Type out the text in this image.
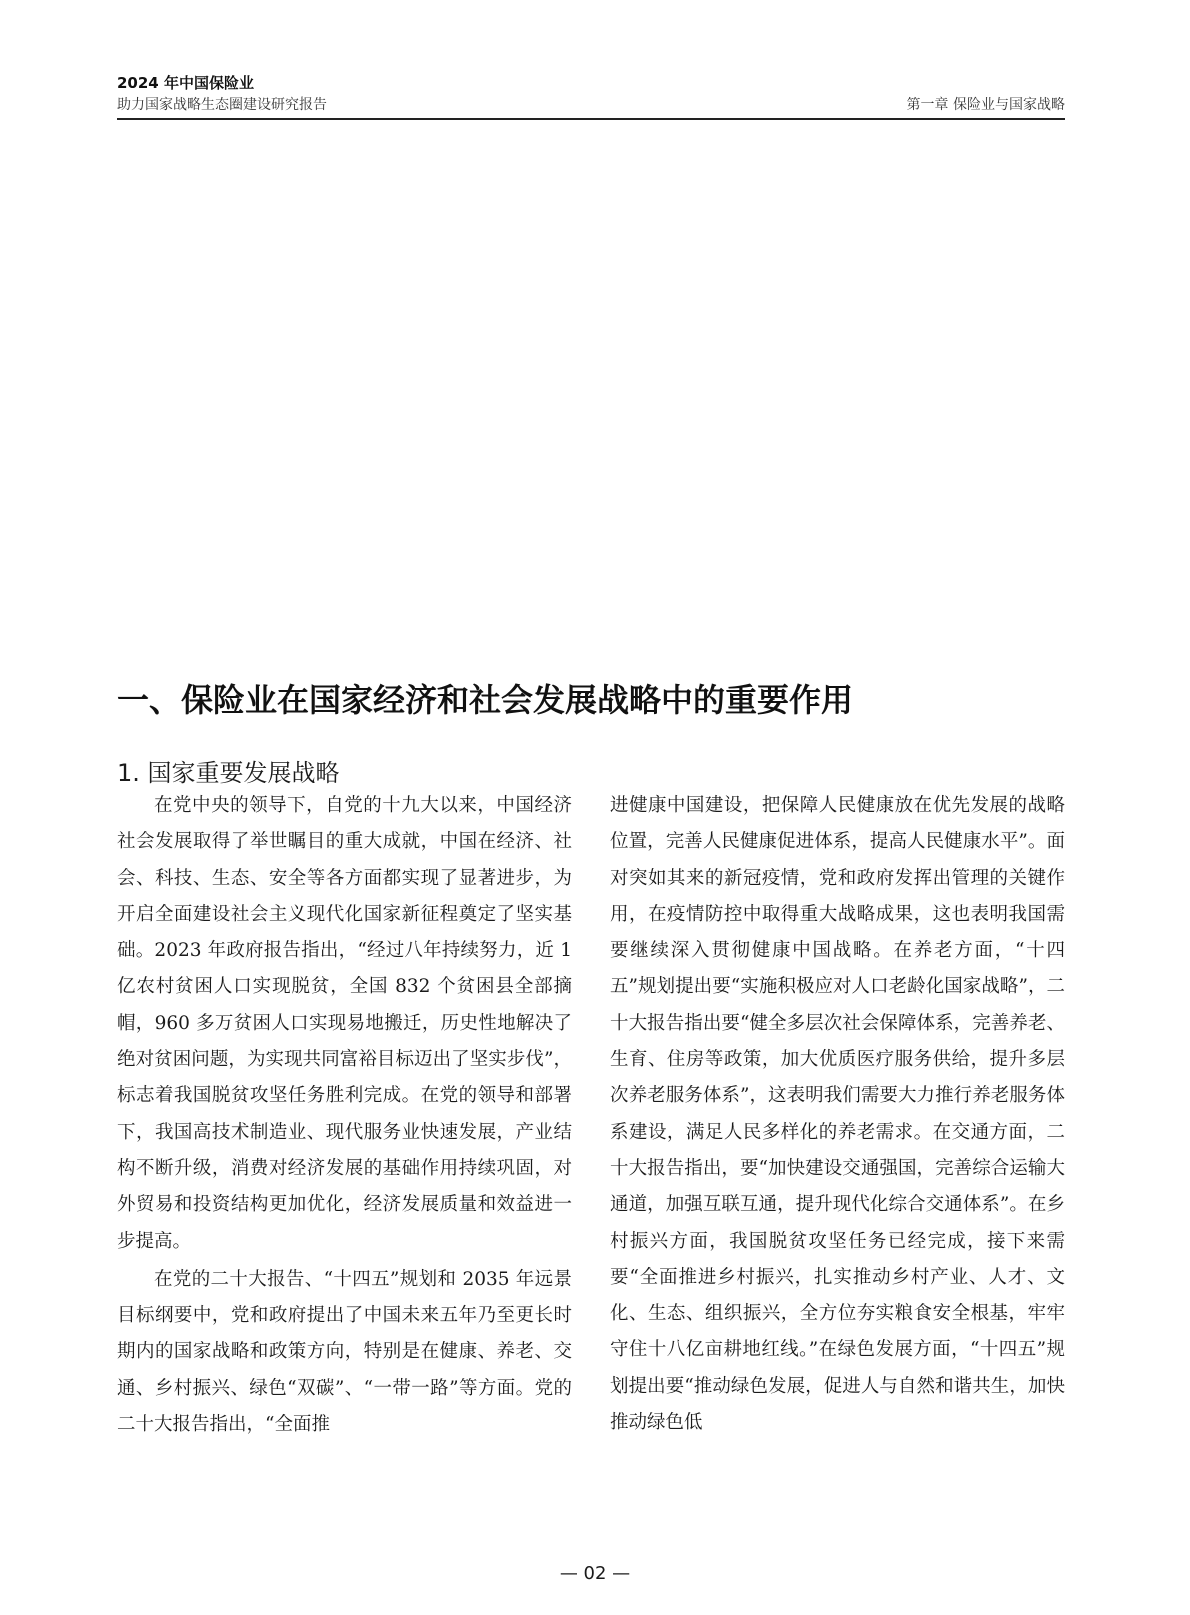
2024 年中国保险业
助力国家战略生态圈建设研究报告	第一章 保险业与国家战略
一、保险业在国家经济和社会发展战略中的重要作用
1. 国家重要发展战略

在党中央的领导下，自党的十九大以来，中国经济社会发展取得了举世瞩目的重大成就，中国在经济、社会、科技、生态、安全等各方面都实现了显著进步，为开启全面建设社会主义现代化国家新征程奠定了坚实基础。2023 年政府报告指出，“经过八年持续努力，近 1 亿农村贫困人口实现脱贫，全国 832 个贫困县全部摘帽，960 多万贫困人口实现易地搬迁，历史性地解决了绝对贫困问题，为实现共同富裕目标迈出了坚实步伐”，标志着我国脱贫攻坚任务胜利完成。在党的领导和部署下，我国高技术制造业、现代服务业快速发展，产业结构不断升级，消费对经济发展的基础作用持续巩固，对外贸易和投资结构更加优化，经济发展质量和效益进一步提高。

在党的二十大报告、“十四五”规划和 2035 年远景目标纲要中，党和政府提出了中国未来五年乃至更长时期内的国家战略和政策方向，特别是在健康、养老、交通、乡村振兴、绿色“双碳”、“一带一路”等方面。党的二十大报告指出，“全面推

进健康中国建设，把保障人民健康放在优先发展的战略位置，完善人民健康促进体系，提高人民健康水平”。面对突如其来的新冠疫情，党和政府发挥出管理的关键作用，在疫情防控中取得重大战略成果，这也表明我国需要继续深入贯彻健康中国战略。在养老方面，“十四五”规划提出要“实施积极应对人口老龄化国家战略”，二十大报告指出要“健全多层次社会保障体系，完善养老、生育、住房等政策，加大优质医疗服务供给，提升多层次养老服务体系”，这表明我们需要大力推行养老服务体系建设，满足人民多样化的养老需求。在交通方面，二十大报告指出，要“加快建设交通强国，完善综合运输大通道，加强互联互通，提升现代化综合交通体系”。在乡村振兴方面，我国脱贫攻坚任务已经完成，接下来需要“全面推进乡村振兴，扎实推动乡村产业、人才、文化、生态、组织振兴，全方位夯实粮食安全根基，牢牢守住十八亿亩耕地红线。”在绿色发展方面，“十四五”规划提出要“推动绿色发展，促进人与自然和谐共生，加快推动绿色低

— 02 —
